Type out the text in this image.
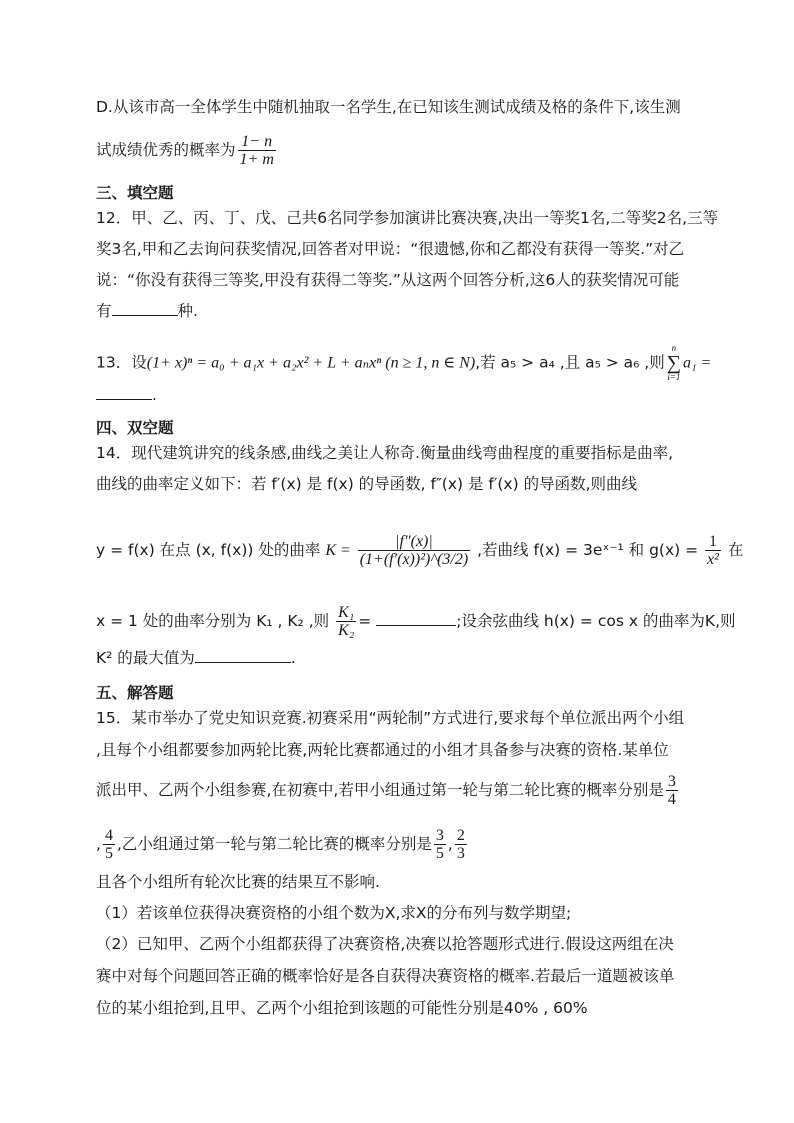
D.从该市高一全体学生中随机抽取一名学生,在已知该生测试成绩及格的条件下,该生测
试成绩优秀的概率为 $\frac{1- n}{1+ m}$
三、填空题
12．甲、乙、丙、丁、戊、己共6名同学参加演讲比赛决赛,决出一等奖1名,二等奖2名,三等
奖3名,甲和乙去询问获奖情况,回答者对甲说：“很遗憾,你和乙都没有获得一等奖.”对乙
说：“你没有获得三等奖,甲没有获得二等奖.”从这两个回答分析,这6人的获奖情况可能
有	种.
13．设(1+ x)ⁿ = a₀ + a₁x + a₂x² + L + aₙxⁿ (n ≥ 1, n ∈ N),若 a₅ > a₄ ,且 a₅ > a₆ ,则
n
∑
i=1
a₁ =
.
四、双空题
14．现代建筑讲究的线条感,曲线之美让人称奇.衡量曲线弯曲程度的重要指标是曲率,
曲线的曲率定义如下：若 f′(x) 是 f(x) 的导函数, f″(x) 是 f′(x) 的导函数,则曲线
y = f(x) 在点 (x, f(x)) 处的曲率 $K = \frac{|f''(x)|}{\text{(1+(f′(x))²)\textasciicircum{}(3/2)}}$ ,若曲线 f(x) = 3eˣ⁻¹ 和 $g(x) = \frac{1}{\text{x²}}$ 在
x = 1 处的曲率分别为 K₁ , K₂ ,则 $\frac{\text{K₁}}{\text{K₂}}$ =	;设余弦曲线 h(x) = cos x 的曲率为K,则
K² 的最大值为	.
五、解答题
15．某市举办了党史知识竞赛.初赛采用“两轮制”方式进行,要求每个单位派出两个小组
,且每个小组都要参加两轮比赛,两轮比赛都通过的小组才具备参与决赛的资格.某单位
派出甲、乙两个小组参赛,在初赛中,若甲小组通过第一轮与第二轮比赛的概率分别是 $\frac{3}{4}$
, $\frac{4}{5}$ ,乙小组通过第一轮与第二轮比赛的概率分别是 $\frac{3}{5}$ , $\frac{2}{3}$
且各个小组所有轮次比赛的结果互不影响.
（1）若该单位获得决赛资格的小组个数为X,求X的分布列与数学期望;
（2）已知甲、乙两个小组都获得了决赛资格,决赛以抢答题形式进行.假设这两组在决
赛中对每个问题回答正确的概率恰好是各自获得决赛资格的概率.若最后一道题被该单
位的某小组抢到,且甲、乙两个小组抢到该题的可能性分别是40% , 60%
